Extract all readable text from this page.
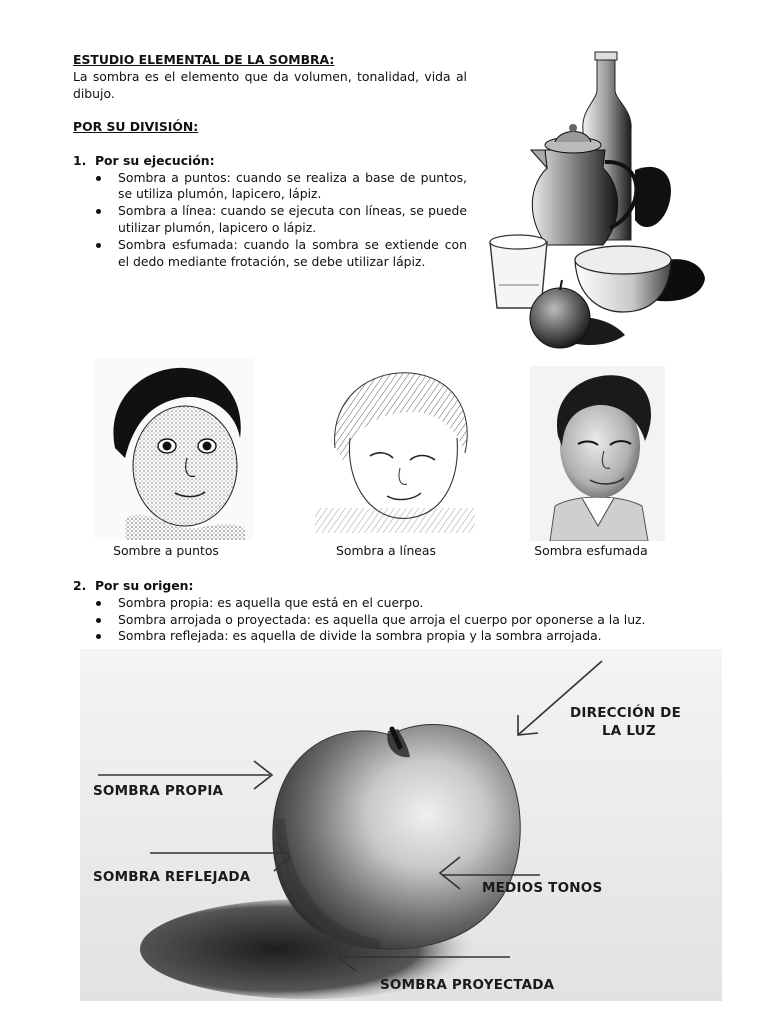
ESTUDIO ELEMENTAL DE LA SOMBRA:
La sombra es el elemento que da volumen, tonalidad, vida al dibujo.
POR SU DIVISIÓN:
1.  Por su ejecución:
Sombra a puntos: cuando se realiza a base de puntos, se utiliza plumón, lapicero, lápiz.
Sombra a línea: cuando se ejecuta con líneas, se puede utilizar plumón, lapicero o lápiz.
Sombra esfumada: cuando la sombra se extiende con el dedo mediante frotación, se debe utilizar lápiz.
Sombre a puntos	Sombra a líneas	Sombra esfumada
2.  Por su origen:
Sombra propia: es aquella que está en el cuerpo.
Sombra arrojada o proyectada: es aquella que arroja el cuerpo por oponerse a la luz.
Sombra reflejada: es aquella de divide la sombra propia y la sombra arrojada.
DIRECCIÓN DE
LA LUZ
SOMBRA PROPIA
SOMBRA REFLEJADA
MEDIOS TONOS
SOMBRA PROYECTADA
